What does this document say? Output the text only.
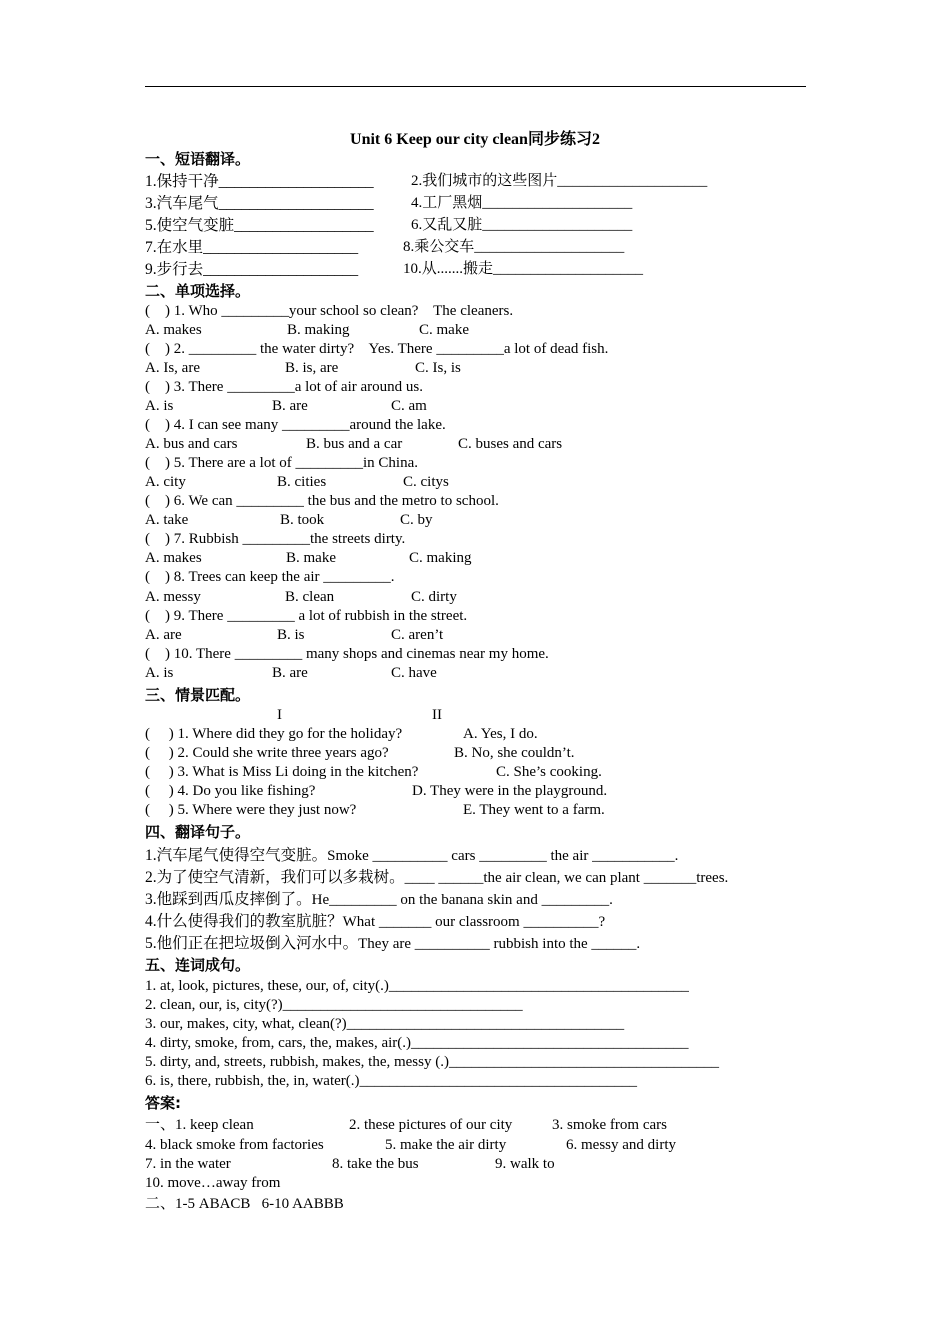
Unit 6 Keep our city clean同步练习2
一、短语翻译。
1.保持干净____________________ 2.我们城市的这些图片____________________
3.汽车尾气____________________ 4.工厂黑烟____________________
5.使空气变脏__________________ 6.又乱又脏____________________
7.在水里____________________	8.乘公交车____________________
9.步行去____________________	10.从.......搬走____________________
二、单项选择。
(    ) 1. Who _________your school so clean?    The cleaners.
A. makes	B. making	C. make
(    ) 2. _________ the water dirty?    Yes. There _________a lot of dead fish.
A. Is, are	B. is, are	C. Is, is
(    ) 3. There _________a lot of air around us.
A. is	B. are	C. am
(    ) 4. I can see many _________around the lake.
A. bus and cars	B. bus and a car	C. buses and cars
(    ) 5. There are a lot of _________in China.
A. city	B. cities	C. citys
(    ) 6. We can _________ the bus and the metro to school.
A. take	B. took	C. by
(    ) 7. Rubbish _________the streets dirty.
A. makes	B. make	C. making
(    ) 8. Trees can keep the air _________.
A. messy	B. clean	C. dirty
(    ) 9. There _________ a lot of rubbish in the street.
A. are	B. is	C. aren’t
(    ) 10. There _________ many shops and cinemas near my home.
A. is	B. are	C. have
三、情景匹配。
I	II
(     ) 1. Where did they go for the holiday?	A. Yes, I do.
(     ) 2. Could she write three years ago?	B. No, she couldn’t.
(     ) 3. What is Miss Li doing in the kitchen?	C. She’s cooking.
(     ) 4. Do you like fishing?	D. They were in the playground.
(     ) 5. Where were they just now?	E. They went to a farm.
四、翻译句子。
1.汽车尾气使得空气变脏。Smoke __________ cars _________ the air ___________.
2.为了使空气清新，我们可以多栽树。____ ______the air clean, we can plant _______trees.
3.他踩到西瓜皮摔倒了。He_________ on the banana skin and _________.
4.什么使得我们的教室肮脏？What _______ our classroom __________?
5.他们正在把垃圾倒入河水中。They are __________ rubbish into the ______.
五、连词成句。
1. at, look, pictures, these, our, of, city(.)________________________________________
2. clean, our, is, city(?)________________________________
3. our, makes, city, what, clean(?)_____________________________________
4. dirty, smoke, from, cars, the, makes, air(.)_____________________________________
5. dirty, and, streets, rubbish, makes, the, messy (.)____________________________________
6. is, there, rubbish, the, in, water(.)_____________________________________
答案:
一、1. keep clean	2. these pictures of our city	3. smoke from cars
4. black smoke from factories	5. make the air dirty	6. messy and dirty
7. in the water	8. take the bus	9. walk to
10. move…away from
二、1-5 ABACB   6-10 AABBB
